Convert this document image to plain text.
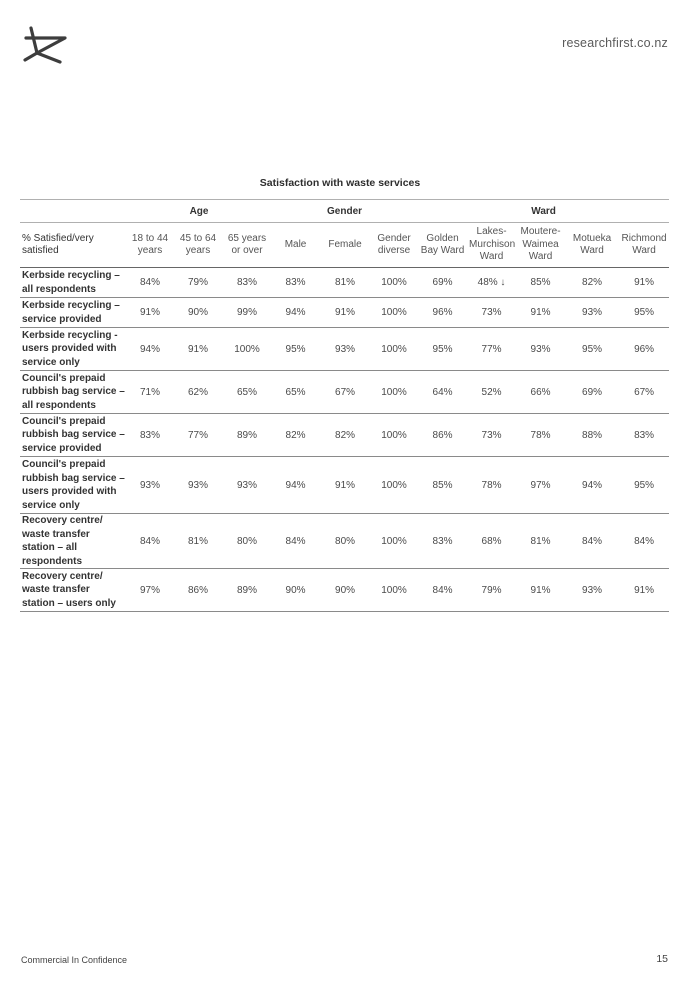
researchfirst.co.nz
Satisfaction with waste services
	Age			Gender			Ward				
% Satisfied/very satisfied	18 to 44 years	45 to 64 years	65 years or over	Male	Female	Gender diverse	Golden Bay Ward	Lakes-Murchison Ward	Moutere-Waimea Ward	Motueka Ward	Richmond Ward
Kerbside recycling – all respondents	84%	79%	83%	83%	81%	100%	69%	48% ↓	85%	82%	91%
Kerbside recycling – service provided	91%	90%	99%	94%	91%	100%	96%	73%	91%	93%	95%
Kerbside recycling - users provided with service only	94%	91%	100%	95%	93%	100%	95%	77%	93%	95%	96%
Council's prepaid rubbish bag service – all respondents	71%	62%	65%	65%	67%	100%	64%	52%	66%	69%	67%
Council's prepaid rubbish bag service – service provided	83%	77%	89%	82%	82%	100%	86%	73%	78%	88%	83%
Council's prepaid rubbish bag service – users provided with service only	93%	93%	93%	94%	91%	100%	85%	78%	97%	94%	95%
Recovery centre/ waste transfer station – all respondents	84%	81%	80%	84%	80%	100%	83%	68%	81%	84%	84%
Recovery centre/ waste transfer station – users only	97%	86%	89%	90%	90%	100%	84%	79%	91%	93%	91%
Commercial In Confidence	15
